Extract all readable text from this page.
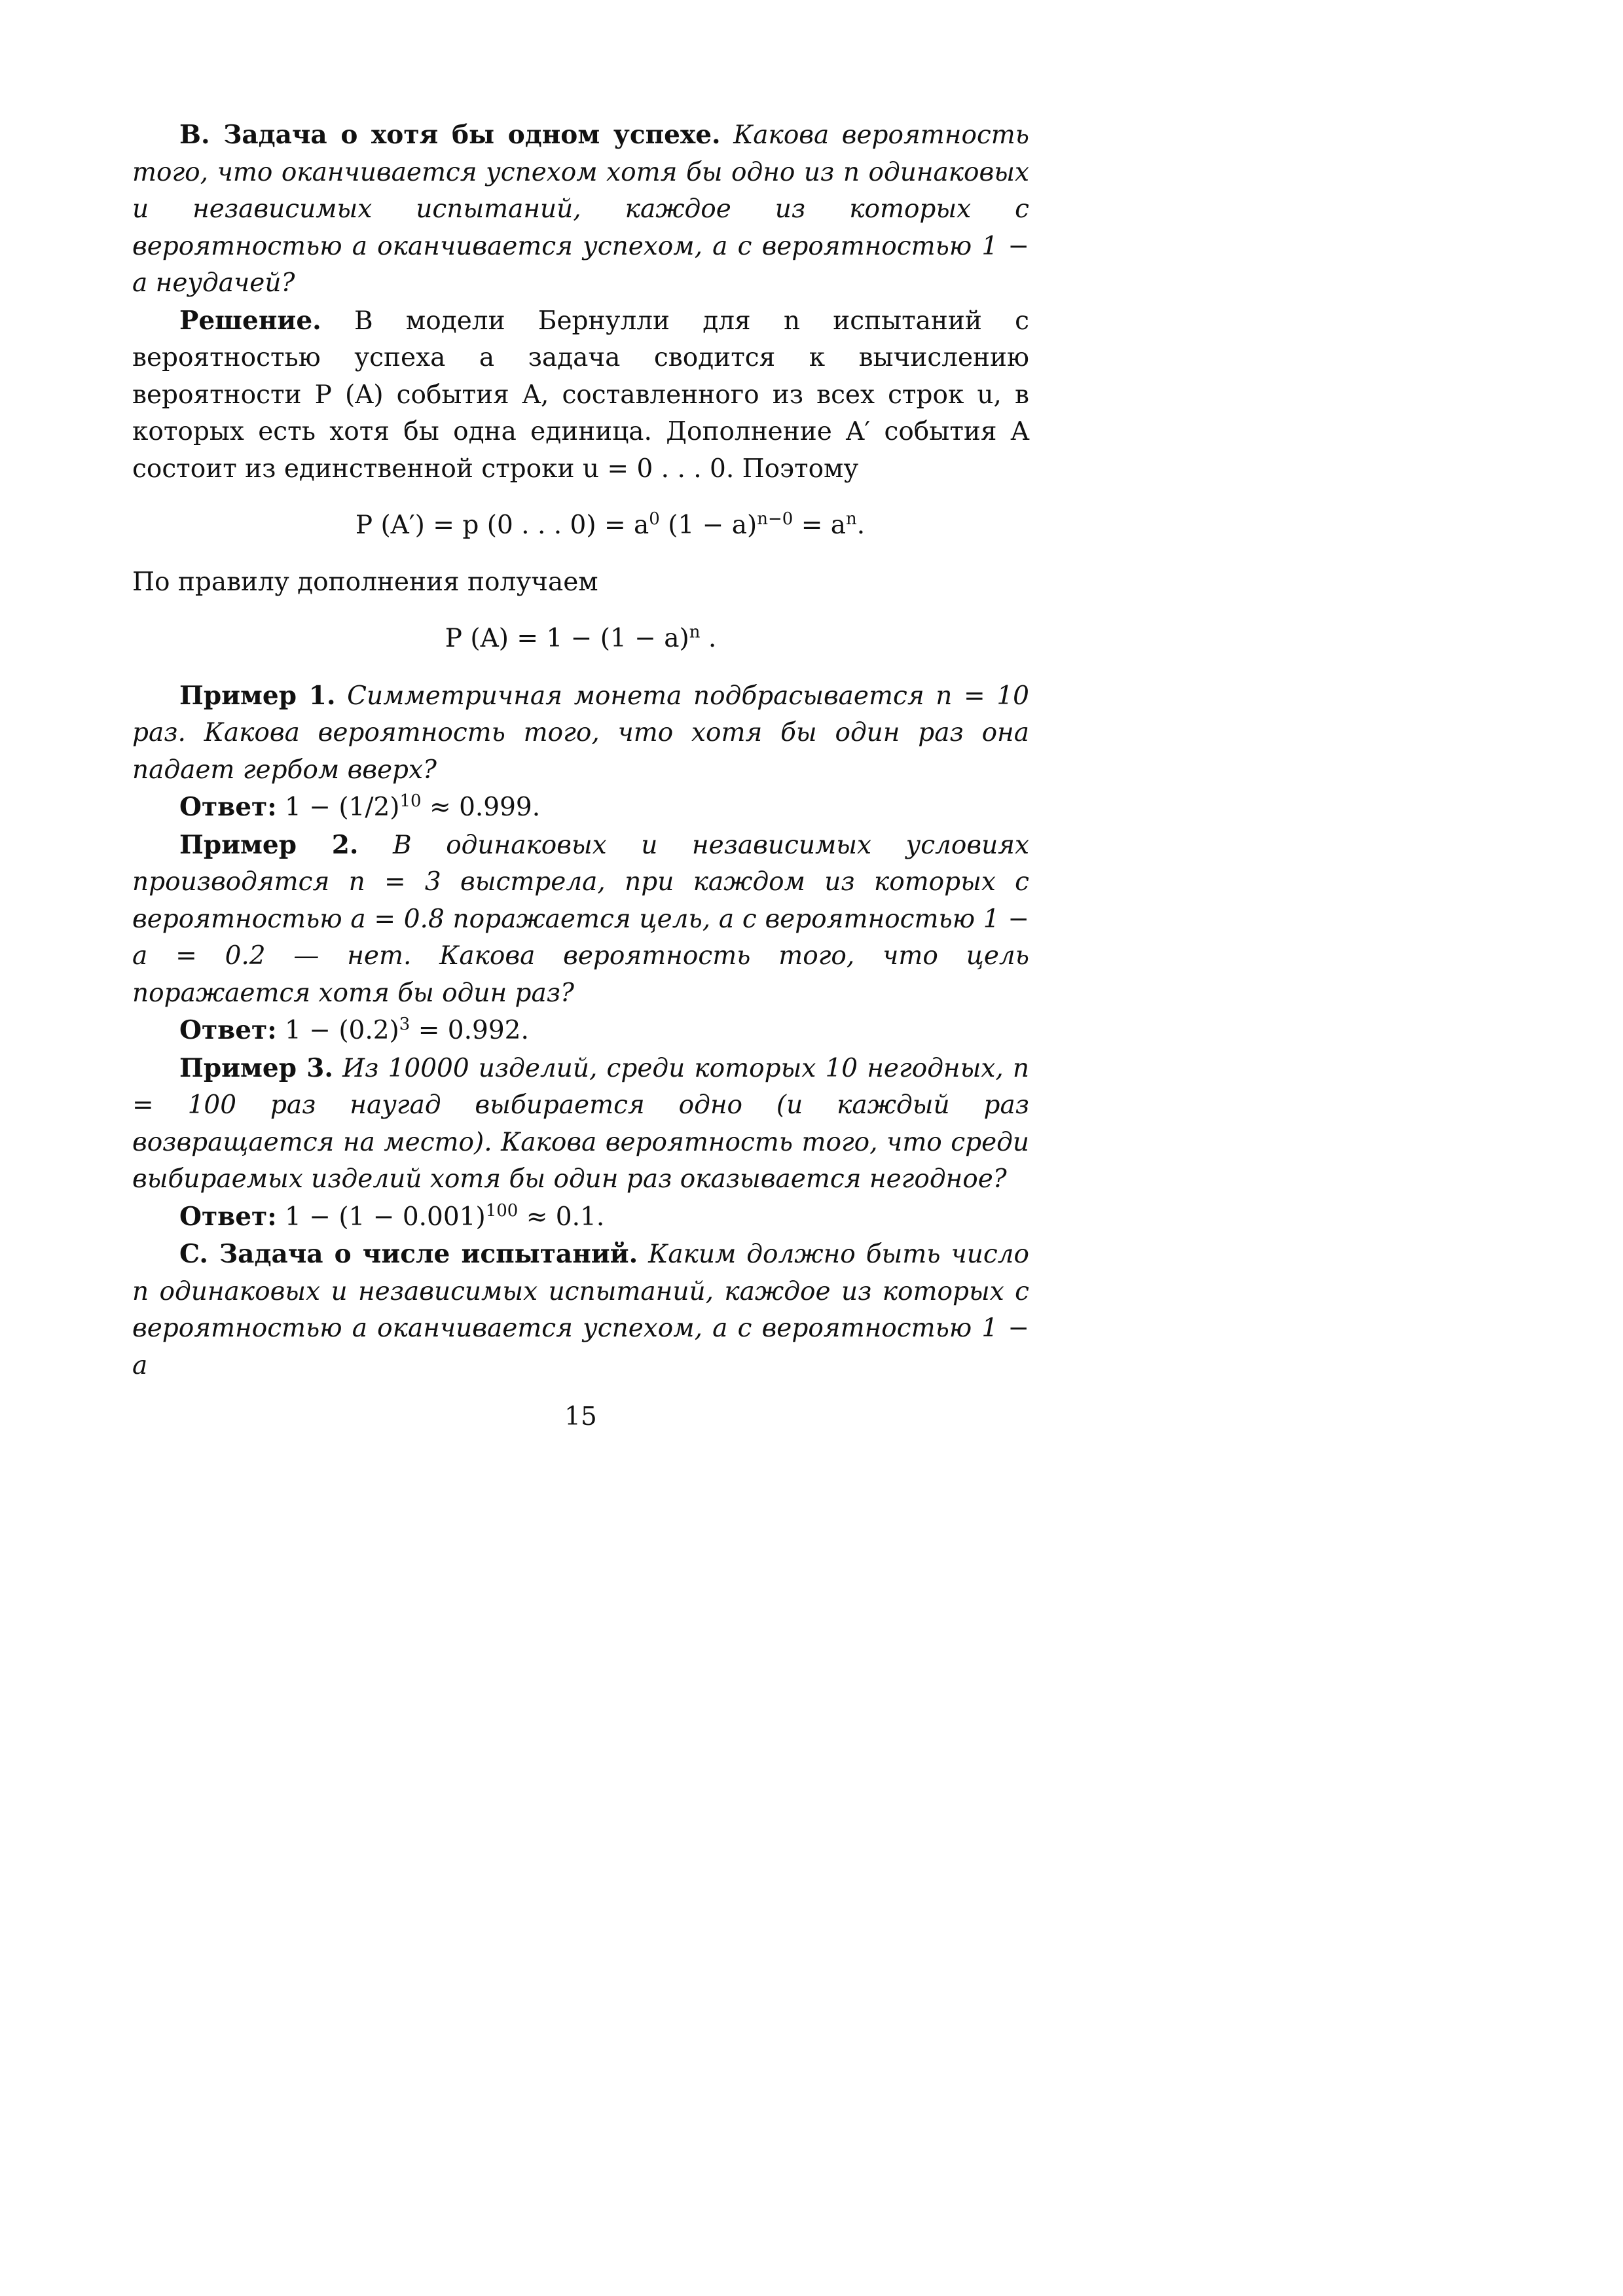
B. Задача о хотя бы одном успехе. Какова вероятность того, что оканчивается успехом хотя бы одно из n одинаковых и независимых испытаний, каждое из которых с вероятностью a оканчивается успехом, а с вероятностью 1 − a неудачей?

Решение. В модели Бернулли для n испытаний с вероятностью успеха a задача сводится к вычислению вероятности P (A) события A, составленного из всех строк u, в которых есть хотя бы одна единица. Дополнение A′ события A состоит из единственной строки u = 0 . . . 0. Поэтому

P (A′) = p (0 . . . $0) = a^0$ $(1 - a)^{n-0} = a^n$.

По правилу дополнения получаем

P $(A) = 1 - (1 - a)^n$ .

Пример 1. Симметричная монета подбрасывается n = 10 раз. Какова вероятность того, что хотя бы один раз она падает гербом вверх?

Ответ: $1 - (1/2)^{10} \approx 0.999$.

Пример 2. В одинаковых и независимых условиях производятся n = 3 выстрела, при каждом из которых с вероятностью a = 0.8 поражается цель, а с вероятностью 1 − a = 0.2 — нет. Какова вероятность того, что цель поражается хотя бы один раз?

Ответ: $1 - (0.2)^3 = 0.992$.

Пример 3. Из 10000 изделий, среди которых 10 негодных, n = 100 раз наугад выбирается одно (и каждый раз возвращается на место). Какова вероятность того, что среди выбираемых изделий хотя бы один раз оказывается негодное?

Ответ: $1 - (1 - 0.001)^{100} \approx 0.1$.

C. Задача о числе испытаний. Каким должно быть число n одинаковых и независимых испытаний, каждое из которых с вероятностью a оканчивается успехом, а с вероятностью 1 − a

15
